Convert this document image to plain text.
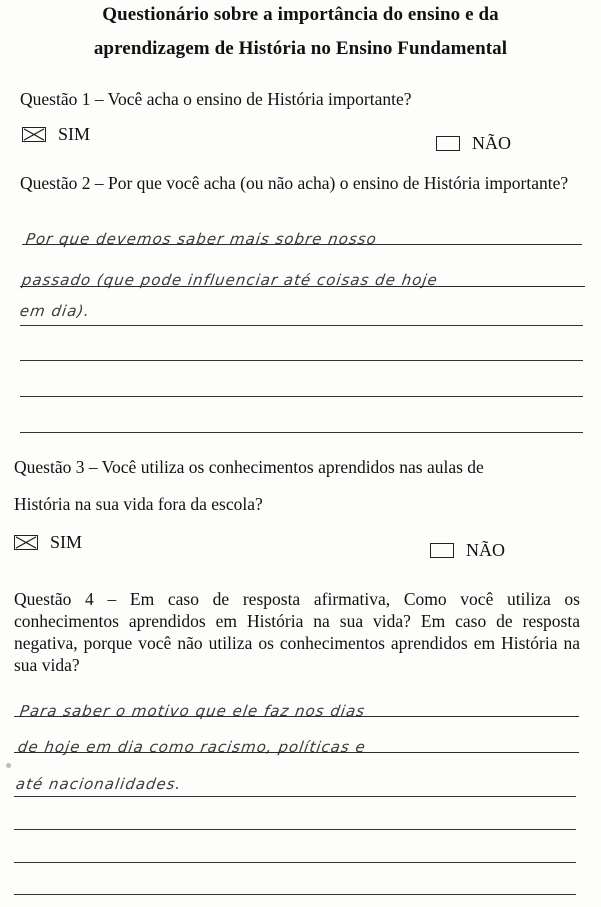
Questionário sobre a importância do ensino e da
aprendizagem de História no Ensino Fundamental
Questão 1 – Você acha o ensino de História importante?
SIM	NÃO
Questão 2 – Por que você acha (ou não acha) o ensino de História importante?
Por que devemos saber mais sobre nosso
passado (que pode influenciar até coisas de hoje
em dia).
Questão 3 – Você utiliza os conhecimentos aprendidos nas aulas de
História na sua vida fora da escola?
SIM	NÃO
Questão 4 – Em caso de resposta afirmativa, Como você utiliza os conhecimentos aprendidos em História na sua vida? Em caso de resposta negativa, porque você não utiliza os conhecimentos aprendidos em História na sua vida?
Para saber o motivo que ele faz nos dias
de hoje em dia como racismo, políticas e
até nacionalidades.
